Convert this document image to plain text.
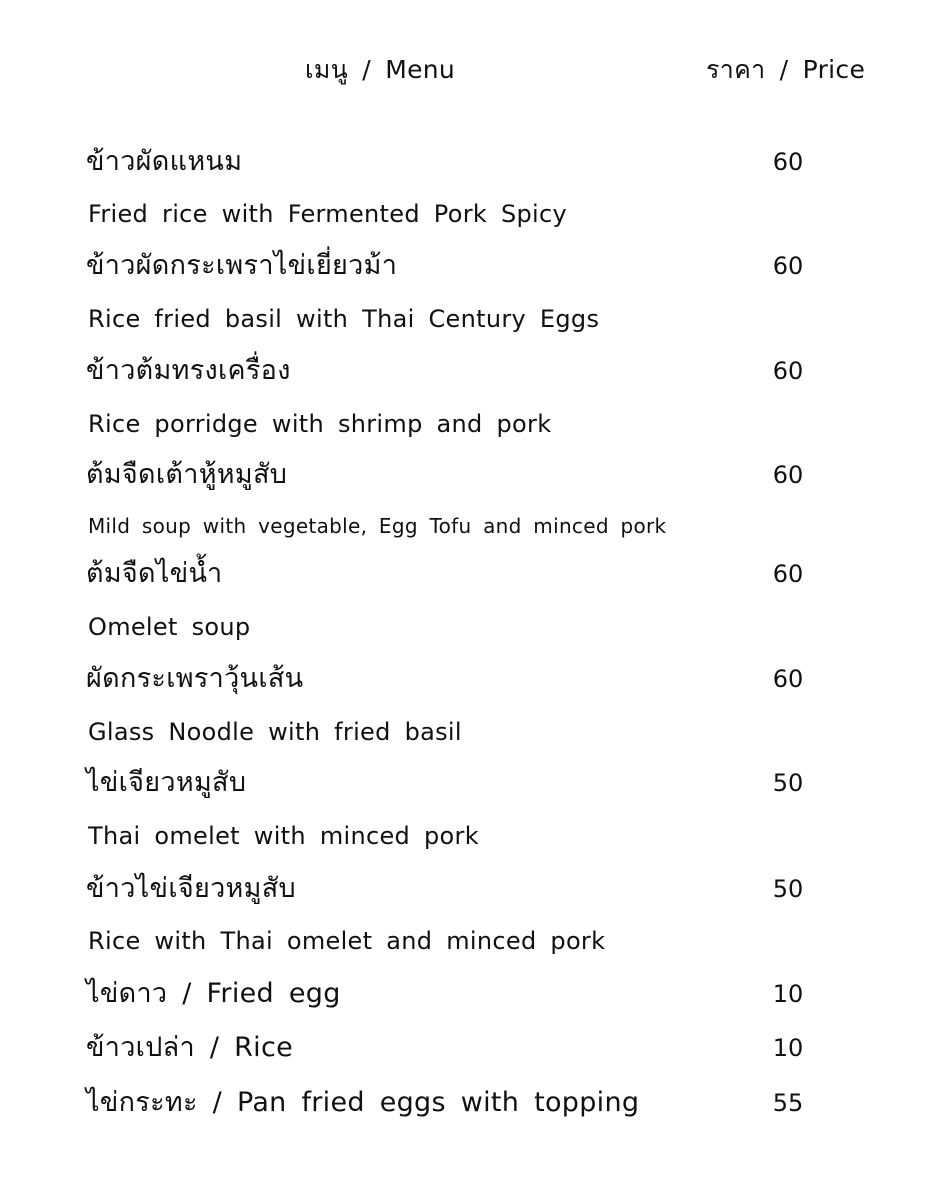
เมนู / Menu	ราคา / Price
ข้าวผัดแหนม	60
Fried rice with Fermented Pork Spicy
ข้าวผัดกระเพราไข่เยี่ยวม้า	60
Rice fried basil with Thai Century Eggs
ข้าวต้มทรงเครื่อง	60
Rice porridge with shrimp and pork
ต้มจืดเต้าหู้หมูสับ	60
Mild soup with vegetable, Egg Tofu and minced pork
ต้มจืดไข่น้ำ	60
Omelet soup
ผัดกระเพราวุ้นเส้น	60
Glass Noodle with fried basil
ไข่เจียวหมูสับ	50
Thai omelet with minced pork
ข้าวไข่เจียวหมูสับ	50
Rice with Thai omelet and minced pork
ไข่ดาว / Fried egg	10
ข้าวเปล่า / Rice	10
ไข่กระทะ / Pan fried eggs with topping	55
